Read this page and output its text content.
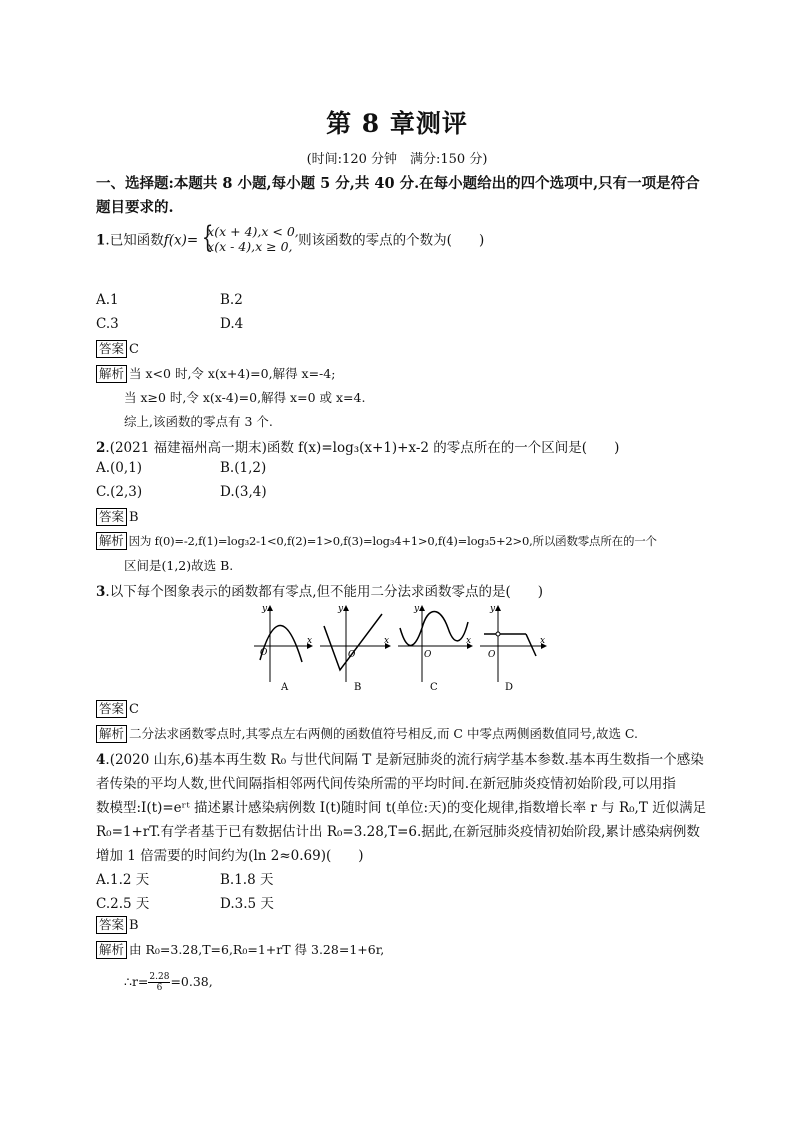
第 8 章测评
(时间:120 分钟　满分:150 分)
一、选择题:本题共 8 小题,每小题 5 分,共 40 分.在每小题给出的四个选项中,只有一项是符合题目要求的.
1.已知函数f(x)= {
x(x + 4),x < 0,
x(x - 4),x ≥ 0, 则该函数的零点的个数为(　　)
A.1	B.2
C.3	D.4
答案 C
解析 当 x<0 时,令 x(x+4)=0,解得 x=-4;
当 x≥0 时,令 x(x-4)=0,解得 x=0 或 x=4.
综上,该函数的零点有 3 个.
2.(2021 福建福州高一期末)函数 f(x)=log₃(x+1)+x-2 的零点所在的一个区间是(　　)
A.(0,1)	B.(1,2)
C.(2,3)	D.(3,4)
答案 B
解析 因为 f(0)=-2,f(1)=log₃2-1<0,f(2)=1>0,f(3)=log₃4+1>0,f(4)=log₃5+2>0,所以函数零点所在的一个
区间是(1,2)故选 B.
3.以下每个图象表示的函数都有零点,但不能用二分法求函数零点的是(　　)
y
x
O
A
y
x
O
B
y
x
O
C
y
x
O
D
答案 C
解析 二分法求函数零点时,其零点左右两侧的函数值符号相反,而 C 中零点两侧函数值同号,故选 C.
4.(2020 山东,6)基本再生数 R₀ 与世代间隔 T 是新冠肺炎的流行病学基本参数.基本再生数指一个感染
者传染的平均人数,世代间隔指相邻两代间传染所需的平均时间.在新冠肺炎疫情初始阶段,可以用指
数模型:I(t)=eʳᵗ 描述累计感染病例数 I(t)随时间 t(单位:天)的变化规律,指数增长率 r 与 R₀,T 近似满足
R₀=1+rT.有学者基于已有数据估计出 R₀=3.28,T=6.据此,在新冠肺炎疫情初始阶段,累计感染病例数
增加 1 倍需要的时间约为(ln 2≈0.69)(　　)
A.1.2 天	B.1.8 天
C.2.5 天	D.3.5 天
答案 B
解析 由 R₀=3.28,T=6,R₀=1+rT 得 3.28=1+6r,
∴r= $\frac{2.28}{6} =0.38$,
